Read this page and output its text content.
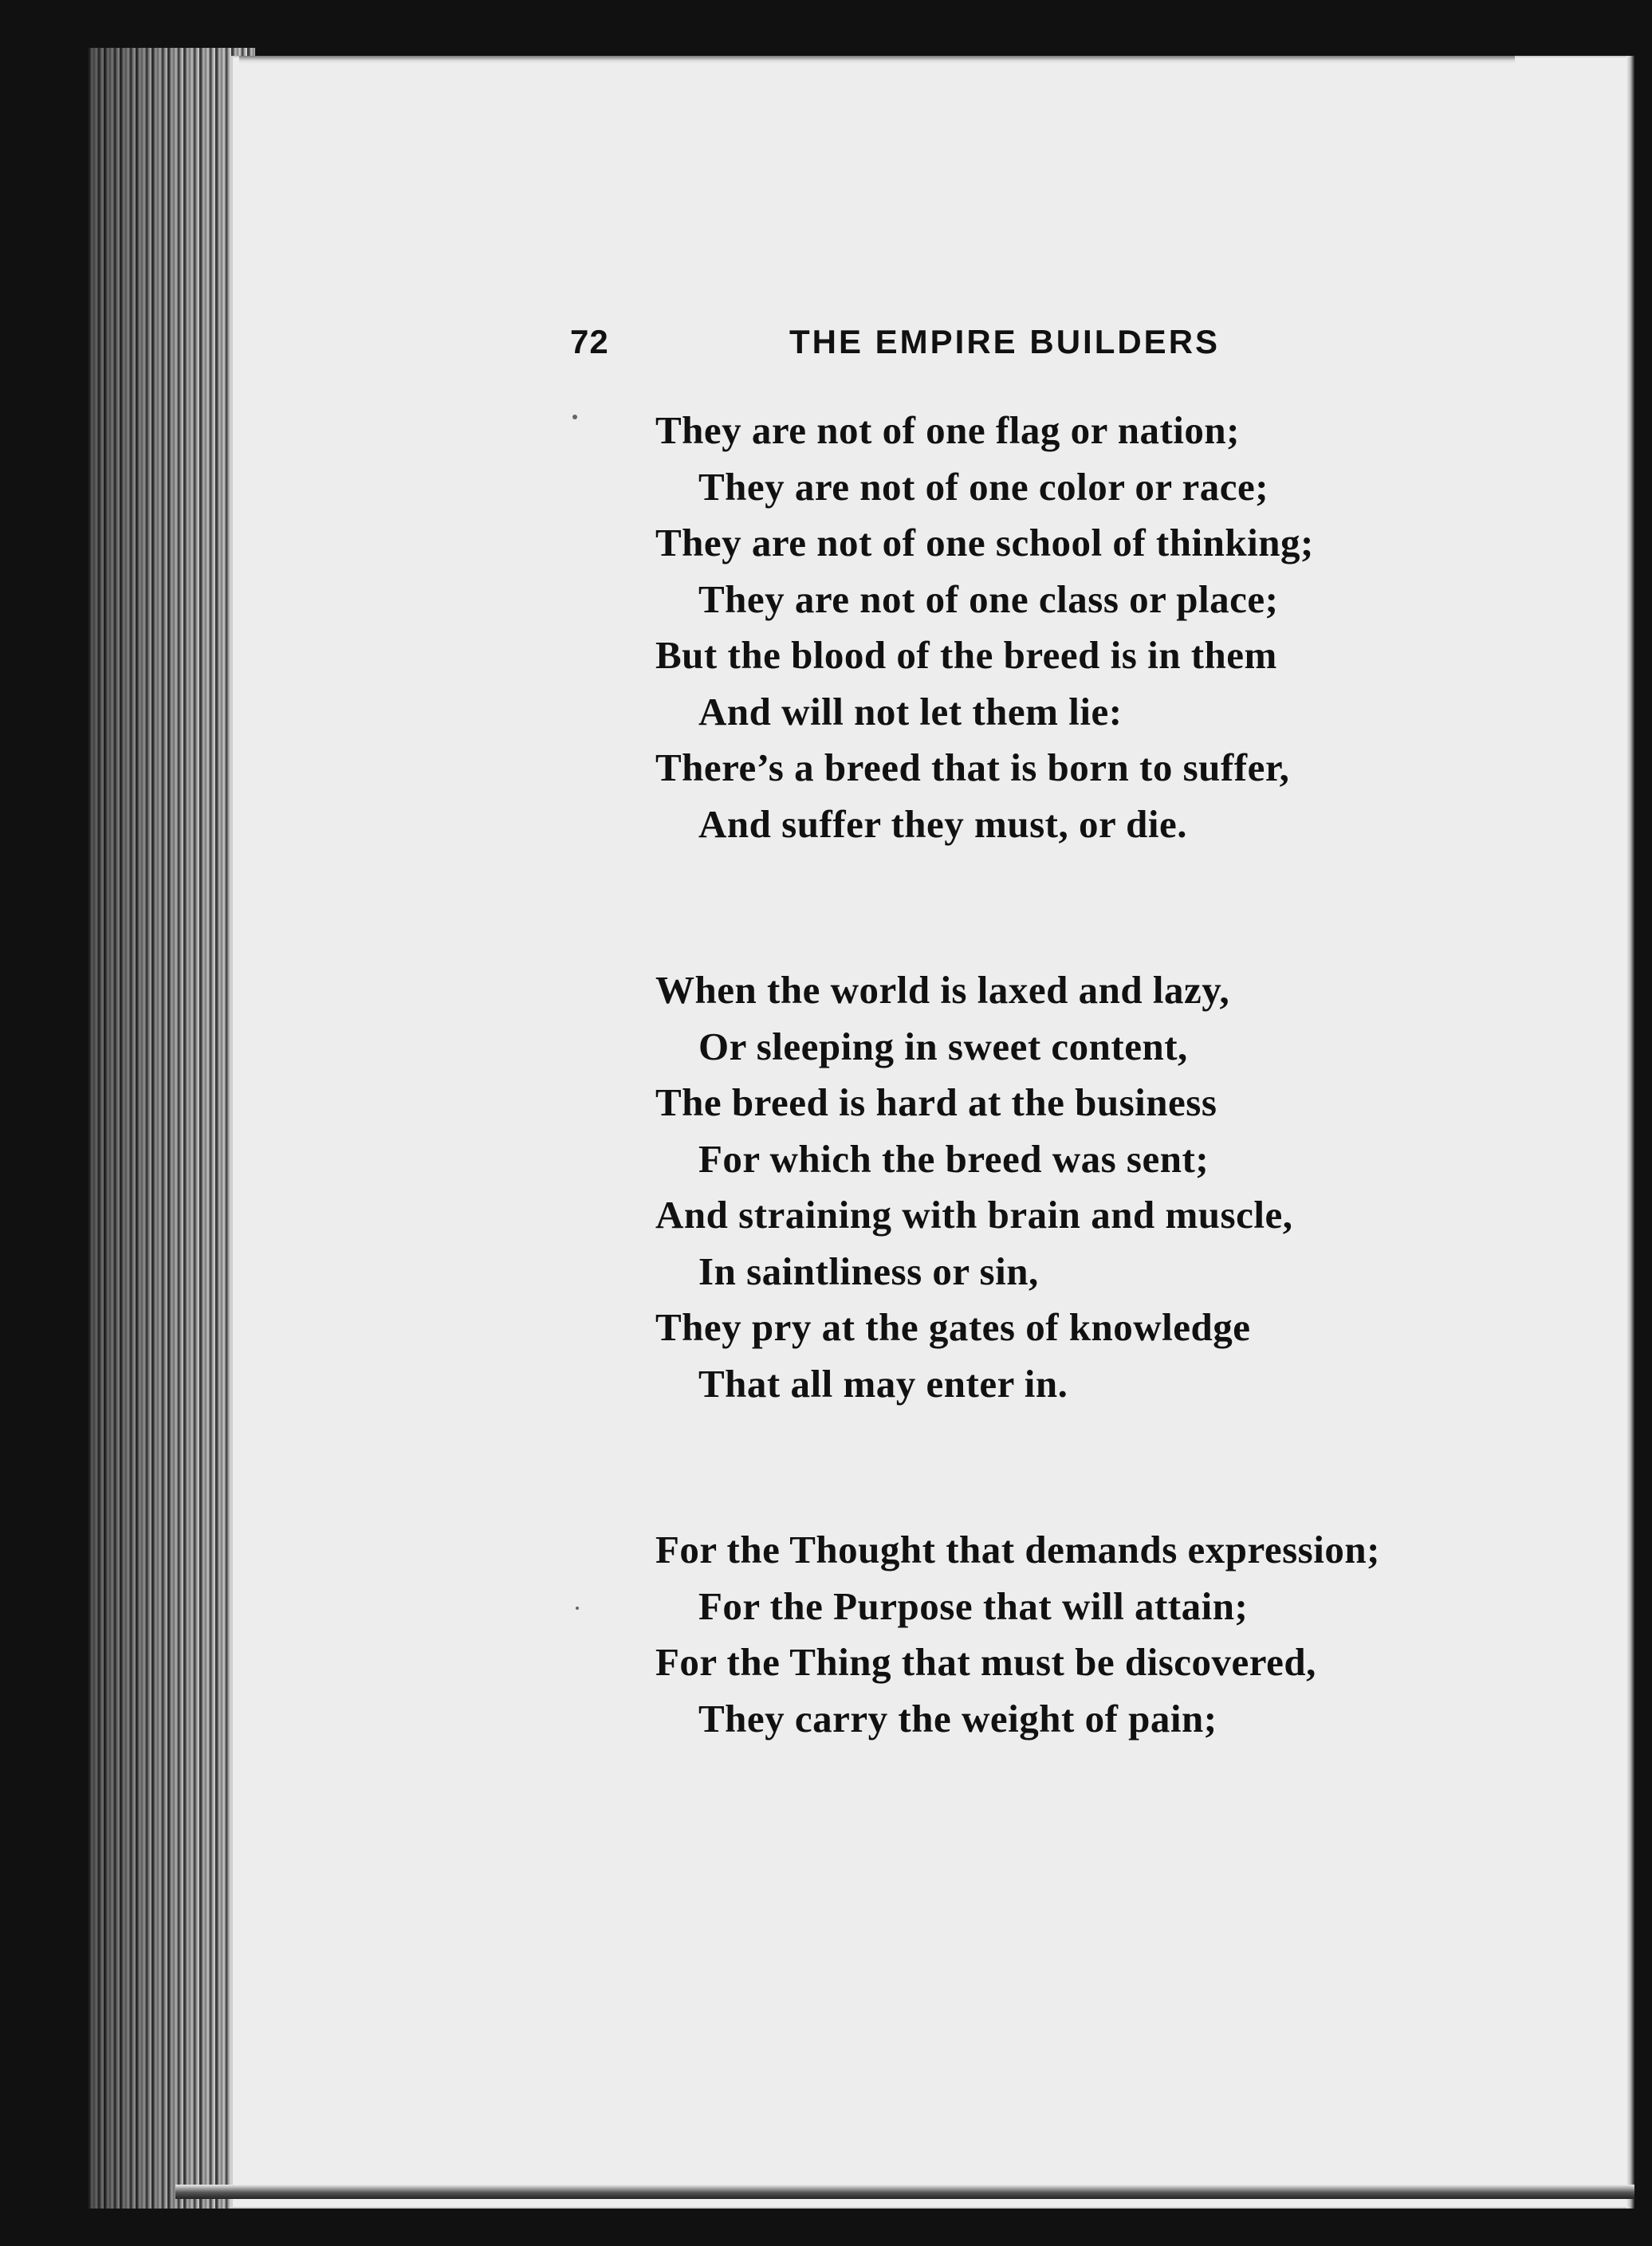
72	THE EMPIRE BUILDERS
They are not of one flag or nation;
They are not of one color or race;
They are not of one school of thinking;
They are not of one class or place;
But the blood of the breed is in them
And will not let them lie:
There’s a breed that is born to suffer,
And suffer they must, or die.
When the world is laxed and lazy,
Or sleeping in sweet content,
The breed is hard at the business
For which the breed was sent;
And straining with brain and muscle,
In saintliness or sin,
They pry at the gates of knowledge
That all may enter in.
For the Thought that demands expression;
For the Purpose that will attain;
For the Thing that must be discovered,
They carry the weight of pain;
